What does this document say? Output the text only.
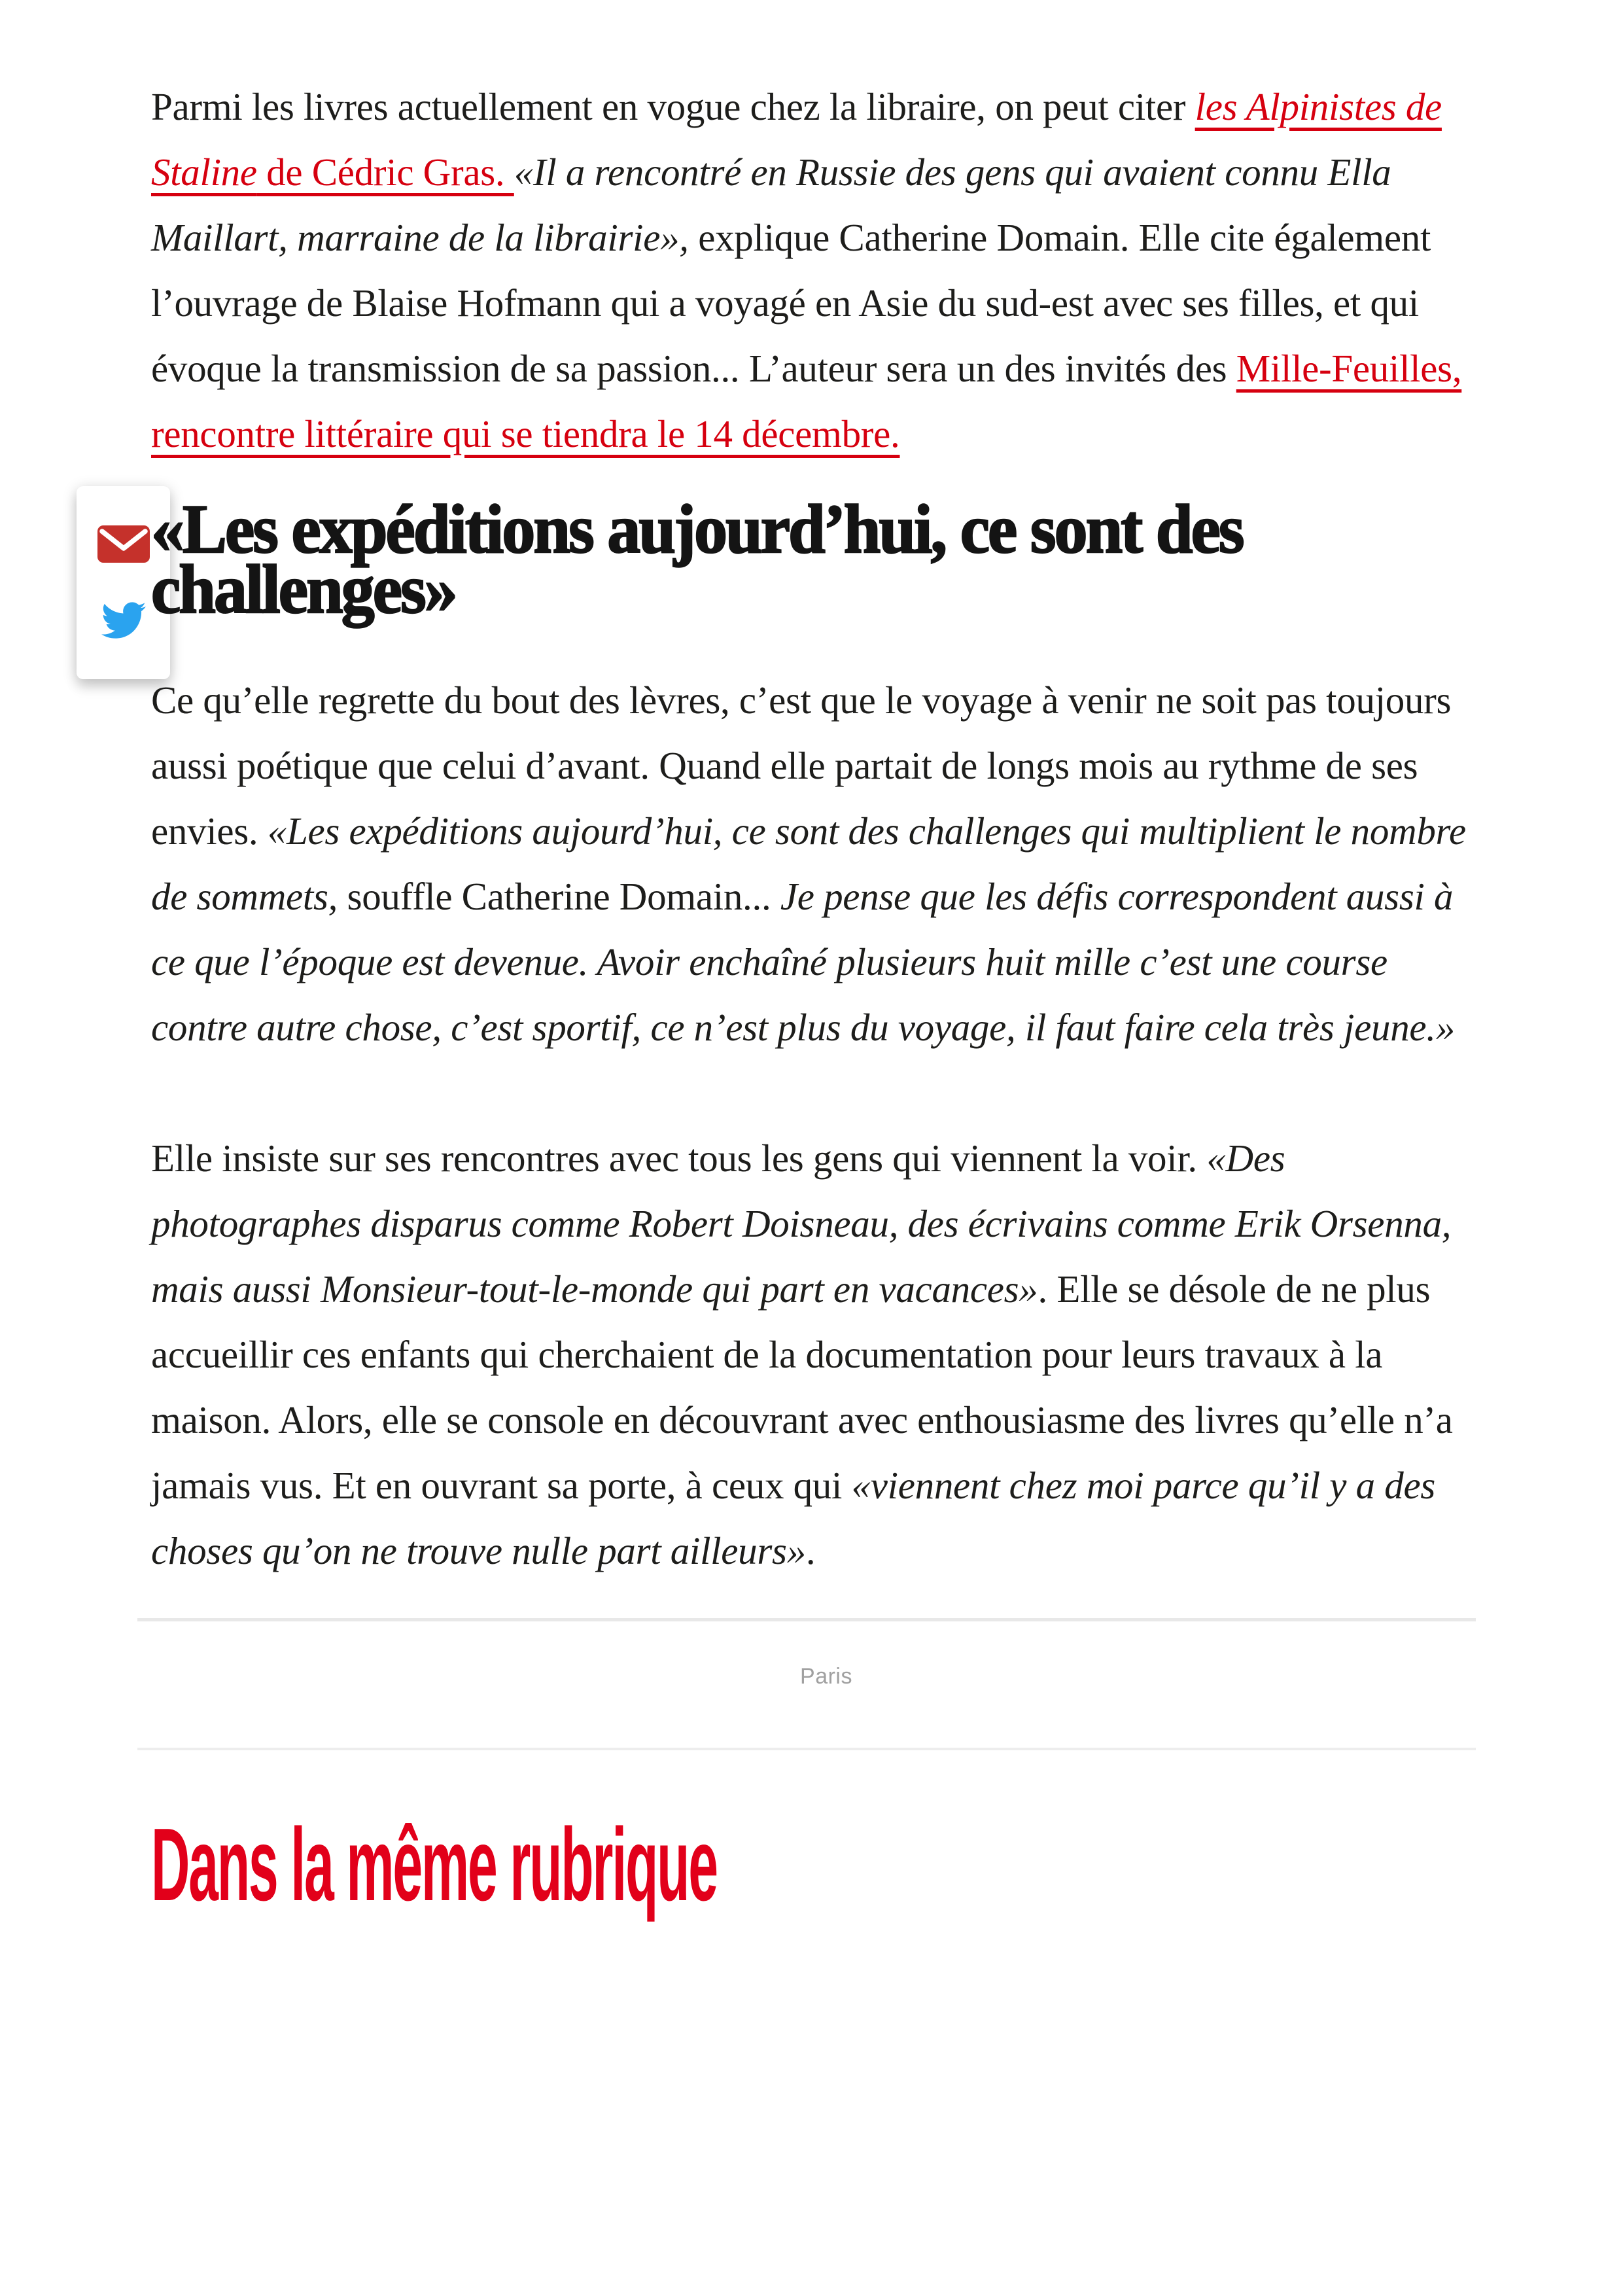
Parmi les livres actuellement en vogue chez la libraire, on peut citer les Alpinistes de Staline de Cédric Gras. «Il a rencontré en Russie des gens qui avaient connu Ella Maillart, marraine de la librairie», explique Catherine Domain. Elle cite également l’ouvrage de Blaise Hofmann qui a voyagé en Asie du sud-est avec ses filles, et qui évoque la transmission de sa passion... L’auteur sera un des invités des Mille-Feuilles, rencontre littéraire qui se tiendra le 14 décembre.

«Les expéditions aujourd’hui, ce sont des challenges»

Ce qu’elle regrette du bout des lèvres, c’est que le voyage à venir ne soit pas toujours aussi poétique que celui d’avant. Quand elle partait de longs mois au rythme de ses envies. «Les expéditions aujourd’hui, ce sont des challenges qui multiplient le nombre de sommets, souffle Catherine Domain... Je pense que les défis correspondent aussi à ce que l’époque est devenue. Avoir enchaîné plusieurs huit mille c’est une course contre autre chose, c’est sportif, ce n’est plus du voyage, il faut faire cela très jeune.»

Elle insiste sur ses rencontres avec tous les gens qui viennent la voir. «Des photographes disparus comme Robert Doisneau, des écrivains comme Erik Orsenna, mais aussi Monsieur-tout-le-monde qui part en vacances». Elle se désole de ne plus accueillir ces enfants qui cherchaient de la documentation pour leurs travaux à la maison. Alors, elle se console en découvrant avec enthousiasme des livres qu’elle n’a jamais vus. Et en ouvrant sa porte, à ceux qui «viennent chez moi parce qu’il y a des choses qu’on ne trouve nulle part ailleurs».

Paris
Dans la même rubrique
